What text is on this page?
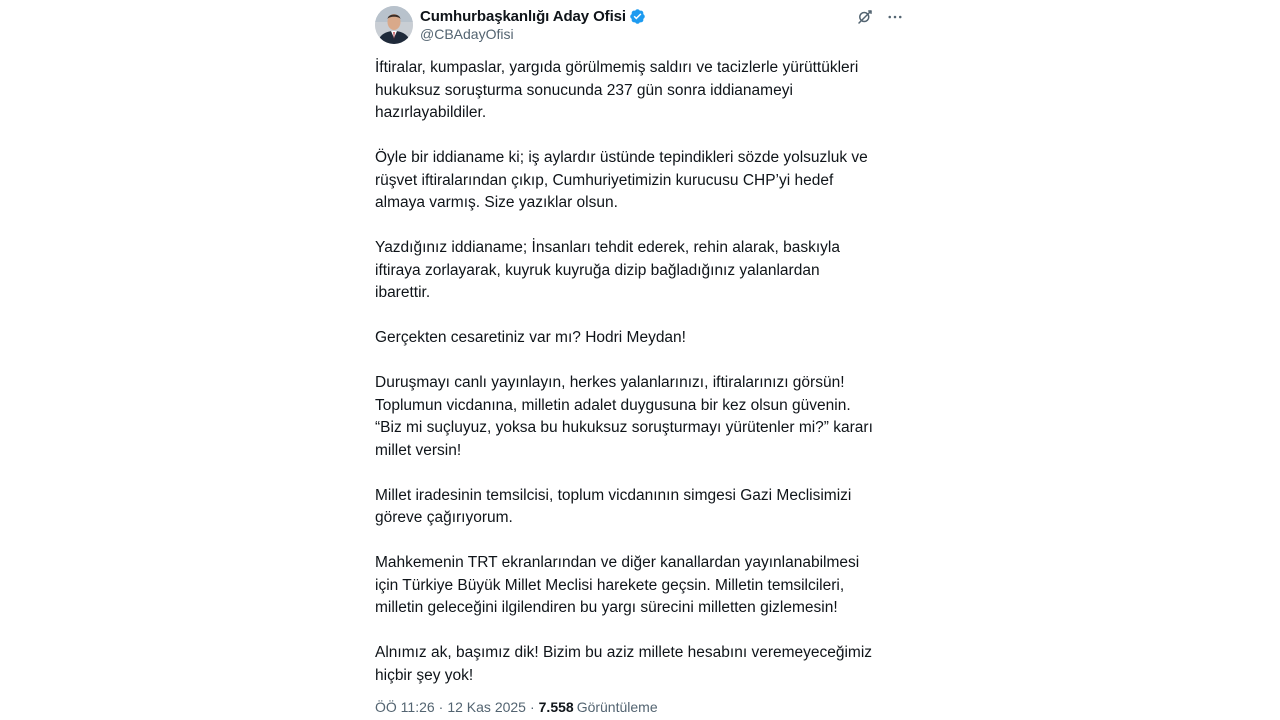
Cumhurbaşkanlığı Aday Ofisi
@CBAdayOfisi

İftiralar, kumpaslar, yargıda görülmemiş saldırı ve tacizlerle yürüttükleri
hukuksuz soruşturma sonucunda 237 gün sonra iddianameyi
hazırlayabildiler.

Öyle bir iddianame ki; iş aylardır üstünde tepindikleri sözde yolsuzluk ve
rüşvet iftiralarından çıkıp, Cumhuriyetimizin kurucusu CHP’yi hedef
almaya varmış. Size yazıklar olsun.

Yazdığınız iddianame; İnsanları tehdit ederek, rehin alarak, baskıyla
iftiraya zorlayarak, kuyruk kuyruğa dizip bağladığınız yalanlardan
ibarettir.

Gerçekten cesaretiniz var mı? Hodri Meydan!

Duruşmayı canlı yayınlayın, herkes yalanlarınızı, iftiralarınızı görsün!
Toplumun vicdanına, milletin adalet duygusuna bir kez olsun güvenin.
“Biz mi suçluyuz, yoksa bu hukuksuz soruşturmayı yürütenler mi?” kararı
millet versin!

Millet iradesinin temsilcisi, toplum vicdanının simgesi Gazi Meclisimizi
göreve çağırıyorum.

Mahkemenin TRT ekranlarından ve diğer kanallardan yayınlanabilmesi
için Türkiye Büyük Millet Meclisi harekete geçsin. Milletin temsilcileri,
milletin geleceğini ilgilendiren bu yargı sürecini milletten gizlemesin!

Alnımız ak, başımız dik! Bizim bu aziz millete hesabını veremeyeceğimiz
hiçbir şey yok!

ÖÖ 11:26 · 12 Kas 2025 · 7.558 Görüntüleme
